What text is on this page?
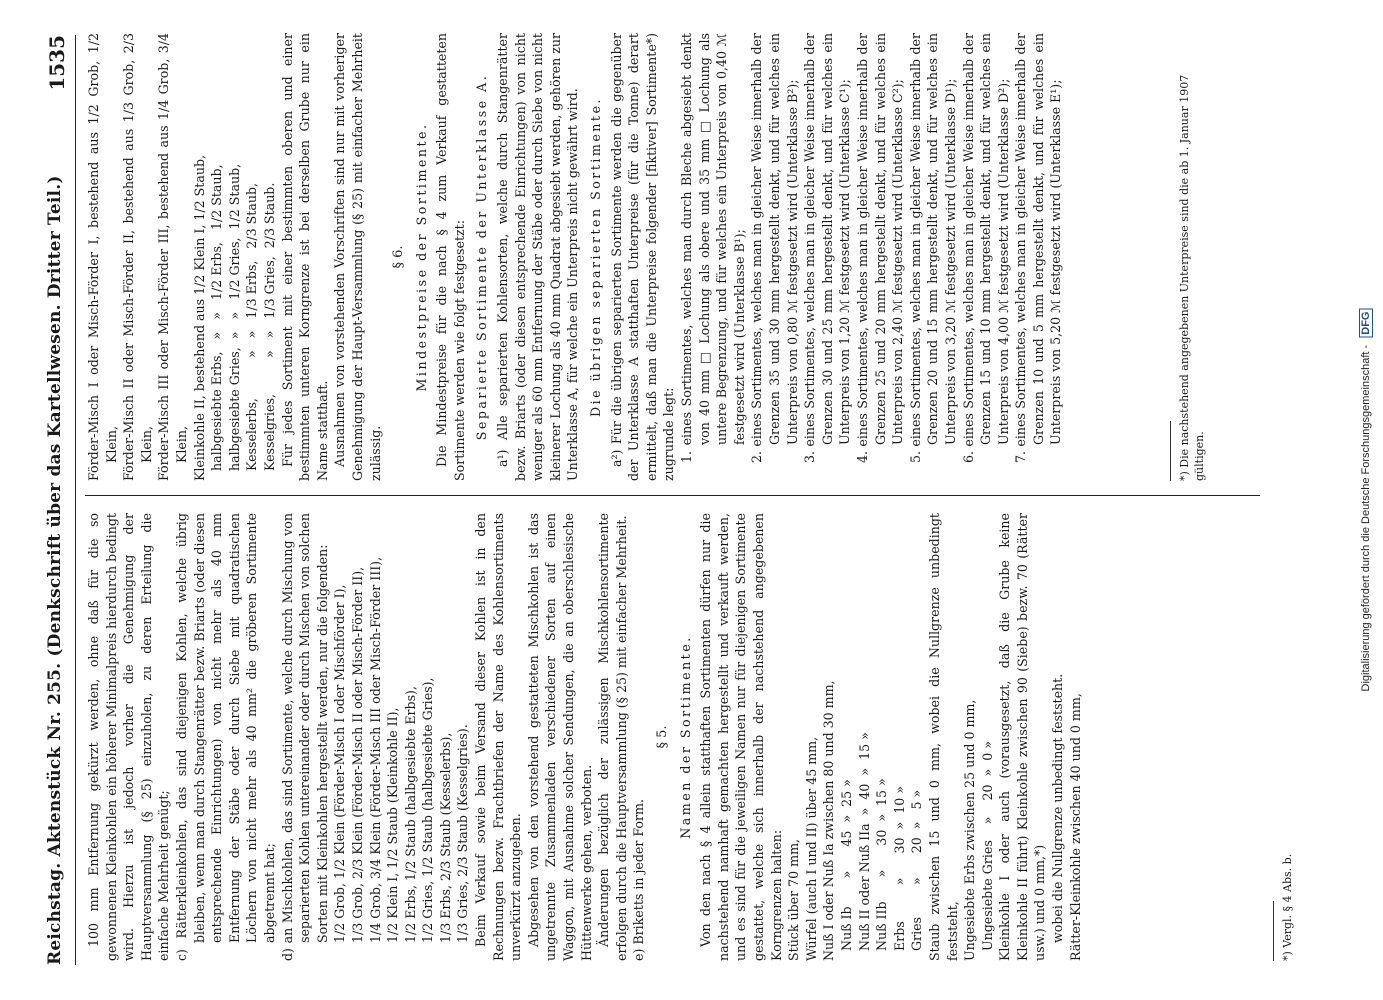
Reichstag. Aktenstück Nr. 255. (Denkschrift über das Kartellwesen. Dritter Teil.)
1535

100 mm Entfernung gekürzt werden, ohne daß für die so gewonnenen Kleinkohlen ein höherer Minimalpreis hierdurch bedingt wird. Hierzu ist jedoch vorher die Genehmigung der Hauptversammlung (§ 25) einzuholen, zu deren Erteilung die einfache Mehrheit genügt; c) Rätterkleinkohlen, das sind diejenigen Kohlen, welche übrig bleiben, wenn man durch Stangenrätter bezw. Briarts (oder diesen entsprechende Einrichtungen) von nicht mehr als 40 mm Entfernung der Stäbe oder durch Siebe mit quadratischen Löchern von nicht mehr als 40 mm² die gröberen Sortimente abgetrennt hat; d) an Mischkohlen, das sind Sortimente, welche durch Mischung von separierten Kohlen untereinander oder durch Mischen von solchen Sorten mit Kleinkohlen hergestellt werden, nur die folgenden: 1/2 Grob, 1/2 Klein (Förder-Misch I oder Mischförder I), 1/3 Grob, 2/3 Klein (Förder-Misch II oder Misch-Förder II), 1/4 Grob, 3/4 Klein (Förder-Misch III oder Misch-Förder III), 1/2 Klein I, 1/2 Staub (Kleinkohle II), 1/2 Erbs, 1/2 Staub (halbgesiebte Erbs), 1/2 Gries, 1/2 Staub (halbgesiebte Gries), 1/3 Erbs, 2/3 Staub (Kesselerbs), 1/3 Gries, 2/3 Staub (Kesselgries). Beim Verkauf sowie beim Versand dieser Kohlen ist in den Rechnungen bezw. Frachtbriefen der Name des Kohlensortiments unverkürzt anzugeben. Abgesehen von den vorstehend gestatteten Mischkohlen ist das ungetrennte Zusammenladen verschiedener Sorten auf einen Waggon, mit Ausnahme solcher Sendungen, die an oberschlesische Hüttenwerke gehen, verboten. Änderungen bezüglich der zulässigen Mischkohlensortimente erfolgen durch die Hauptversammlung (§ 25) mit einfacher Mehrheit. e) Briketts in jeder Form.

§ 5. Namen der Sortimente. Von den nach § 4 allein statthaften Sortimenten dürfen nur die nachstehend namhaft gemachten hergestellt und verkauft werden, und es sind für die jeweiligen Namen nur für diejenigen Sortimente gestattet, welche sich innerhalb der nachstehend angegebenen Korngrenzen halten: Stück über 70 mm, Würfel (auch I und II) über 45 mm, Nuß I oder Nuß Ia zwischen 80 und 30 mm, Nuß Ib       »      45  »  25 » Nuß II oder Nuß IIa  »  40  »  15 » Nuß IIb      »      30  »  15 » Erbs         »      30  »  10 » Gries        »      20  »   5 » Staub zwischen 15 und 0 mm, wobei die Nullgrenze unbedingt feststeht, Ungesiebte Erbs zwischen 25 und 0 mm, Ungesiebte Gries    »    20  »  0 » Kleinkohle I oder auch (vorausgesetzt, daß die Grube keine Kleinkohle II führt) Kleinkohle zwischen 90 (Siebe) bezw. 70 (Rätter usw.) und 0 mm,*) wobei die Nullgrenze unbedingt feststeht. Rätter-Kleinkohle zwischen 40 und 0 mm,	*) Vergl. § 4 Abs. b.

Förder-Misch I oder Misch-Förder I, bestehend aus 1/2 Grob, 1/2 Klein, Förder-Misch II oder Misch-Förder II, bestehend aus 1/3 Grob, 2/3 Klein, Förder-Misch III oder Misch-Förder III, bestehend aus 1/4 Grob, 3/4 Klein, Kleinkohle II, bestehend aus 1/2 Klein I, 1/2 Staub, halbgesiebte Erbs,   »   »   1/2 Erbs,   1/2 Staub, halbgesiebte Gries,  »   »   1/2 Gries,  1/2 Staub, Kesselerbs,          »   »   1/3 Erbs,   2/3 Staub, Kesselgries,         »   »   1/3 Gries,  2/3 Staub. Für jedes Sortiment mit einer bestimmten oberen und einer bestimmten unteren Korngrenze ist bei derselben Grube nur ein Name statthaft. Ausnahmen von vorstehenden Vorschriften sind nur mit vorheriger Genehmigung der Haupt-Versammlung (§ 25) mit einfacher Mehrheit zulässig.

§ 6. Mindestpreise der Sortimente. Die Mindestpreise für die nach § 4 zum Verkauf gestatteten Sortimente werden wie folgt festgesetzt: Separierte Sortimente der Unterklasse A. a¹) Alle separierten Kohlensorten, welche durch Stangenrätter bezw. Briarts (oder diesen entsprechende Einrichtungen) von nicht weniger als 60 mm Entfernung der Stäbe oder durch Siebe von nicht kleinerer Lochung als 40 mm Quadrat abgesiebt werden, gehören zur Unterklasse A, für welche ein Unterpreis nicht gewährt wird. Die übrigen separierten Sortimente. a²) Für die übrigen separierten Sortimente werden die gegenüber der Unterklasse A statthaften Unterpreise (für die Tonne) derart ermittelt, daß man die Unterpreise folgender [fiktiver] Sortimente*) zugrunde legt: 1. eines Sortimentes, welches man durch Bleche abgesiebt denkt von 40 mm □ Lochung als obere und 35 mm □ Lochung als untere Begrenzung, und für welches ein Unterpreis von 0,40 ℳ festgesetzt wird (Unterklasse B¹); 2. eines Sortimentes, welches man in gleicher Weise innerhalb der Grenzen 35 und 30 mm hergestellt denkt, und für welches ein Unterpreis von 0,80 ℳ festgesetzt wird (Unterklasse B²); 3. eines Sortimentes, welches man in gleicher Weise innerhalb der Grenzen 30 und 25 mm hergestellt denkt, und für welches ein Unterpreis von 1,20 ℳ festgesetzt wird (Unterklasse C¹); 4. eines Sortimentes, welches man in gleicher Weise innerhalb der Grenzen 25 und 20 mm hergestellt denkt, und für welches ein Unterpreis von 2,40 ℳ festgesetzt wird (Unterklasse C²); 5. eines Sortimentes, welches man in gleicher Weise innerhalb der Grenzen 20 und 15 mm hergestellt denkt, und für welches ein Unterpreis von 3,20 ℳ festgesetzt wird (Unterklasse D¹); 6. eines Sortimentes, welches man in gleicher Weise innerhalb der Grenzen 15 und 10 mm hergestellt denkt, und für welches ein Unterpreis von 4,00 ℳ festgesetzt wird (Unterklasse D²); 7. eines Sortimentes, welches man in gleicher Weise innerhalb der Grenzen 10 und 5 mm hergestellt denkt, und für welches ein Unterpreis von 5,20 ℳ festgesetzt wird (Unterklasse E¹);	*) Die nachstehend angegebenen Unterpreise sind die ab 1. Januar 1907 gültigen.	Digitalisierung gefördert durch die Deutsche Forschungsgemeinschaft - DFG
